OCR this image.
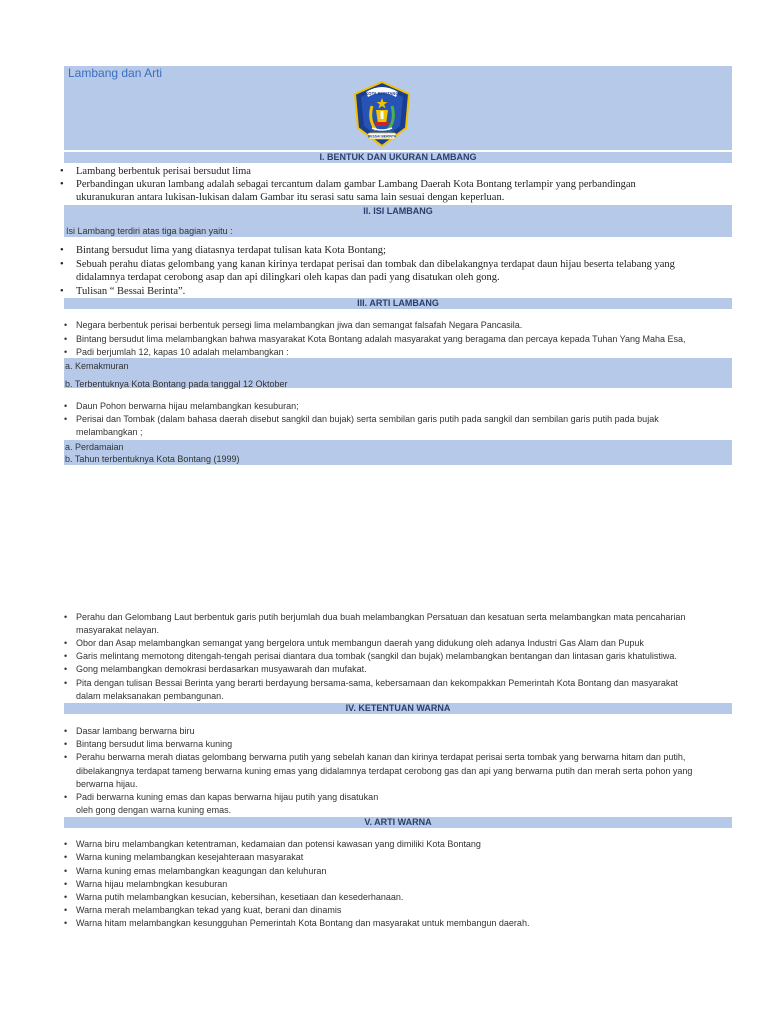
Lambang dan Arti
KOTA BONTANG
BESSAI BERINTA
I. BENTUK DAN UKURAN LAMBANG
• Lambang berbentuk perisai bersudut lima
• Perbandingan ukuran lambang adalah sebagai tercantum dalam gambar Lambang Daerah Kota Bontang terlampir yang perbandingan
ukuranukuran antara lukisan-lukisan dalam Gambar itu serasi satu sama lain sesuai dengan keperluan.
II. ISI LAMBANG
Isi Lambang terdiri atas tiga bagian yaitu :
• Bintang bersudut lima yang diatasnya terdapat tulisan kata Kota Bontang;
• Sebuah perahu diatas gelombang yang kanan kirinya terdapat perisai dan tombak dan dibelakangnya terdapat daun hijau beserta telabang yang
• Tulisan “ Bessai Berinta”.
didalamnya terdapat cerobong asap dan api dilingkari oleh kapas dan padi yang disatukan oleh gong.
III. ARTI LAMBANG
• Negara berbentuk perisai berbentuk persegi lima melambangkan jiwa dan semangat falsafah Negara Pancasila.
• Bintang bersudut lima melambangkan bahwa masyarakat Kota Bontang adalah masyarakat yang beragama dan percaya kepada Tuhan Yang Maha Esa,
• Padi berjumlah 12, kapas 10 adalah melambangkan :
a. Kemakmuran
b. Terbentuknya Kota Bontang pada tanggal 12 Oktober
• Daun Pohon berwarna hijau melambangkan kesuburan;
• Perisai dan Tombak (dalam bahasa daerah disebut sangkil dan bujak) serta sembilan garis putih pada sangkil dan sembilan garis putih pada bujak
melambangkan ;
a. Perdamaian
b. Tahun terbentuknya Kota Bontang (1999)
• Perahu dan Gelombang Laut berbentuk garis putih berjumlah dua buah melambangkan Persatuan dan kesatuan serta melambangkan mata pencaharian
• Obor dan Asap melambangkan semangat yang bergelora untuk membangun daerah yang didukung oleh adanya Industri Gas Alam dan Pupuk
• Garis melintang memotong ditengah-tengah perisai diantara dua tombak (sangkil dan bujak) melambangkan bentangan dan lintasan garis khatulistiwa.
• Gong melambangkan demokrasi berdasarkan musyawarah dan mufakat.
• Pita dengan tulisan Bessai Berinta yang berarti berdayung bersama-sama, kebersamaan dan kekompakkan Pemerintah Kota Bontang dan masyarakat
masyarakat nelayan.
dalam melaksanakan pembangunan.
IV. KETENTUAN WARNA
• Dasar lambang berwarna biru
• Bintang bersudut lima berwarna kuning
• Perahu berwarna merah diatas gelombang berwarna putih yang sebelah kanan dan kirinya terdapat perisai serta tombak yang berwarna hitam dan putih,
• Padi berwarna kuning emas dan kapas berwarna hijau putih yang disatukan
dibelakangnya terdapat tameng berwarna kuning emas yang didalamnya terdapat cerobong gas dan api yang berwarna putih dan merah serta pohon yang
berwarna hijau.
oleh gong dengan warna kuning emas.
V. ARTI WARNA
• Warna biru melambangkan ketentraman, kedamaian dan potensi kawasan yang dimiliki Kota Bontang
• Warna kuning melambangkan kesejahteraan masyarakat
• Warna kuning emas melambangkan keagungan dan keluhuran
• Warna hijau melambngkan kesuburan
• Warna putih melambangkan kesucian, kebersihan, kesetiaan dan kesederhanaan.
• Warna merah melambangkan tekad yang kuat, berani dan dinamis
• Warna hitam melambangkan kesungguhan Pemerintah Kota Bontang dan masyarakat untuk membangun daerah.
